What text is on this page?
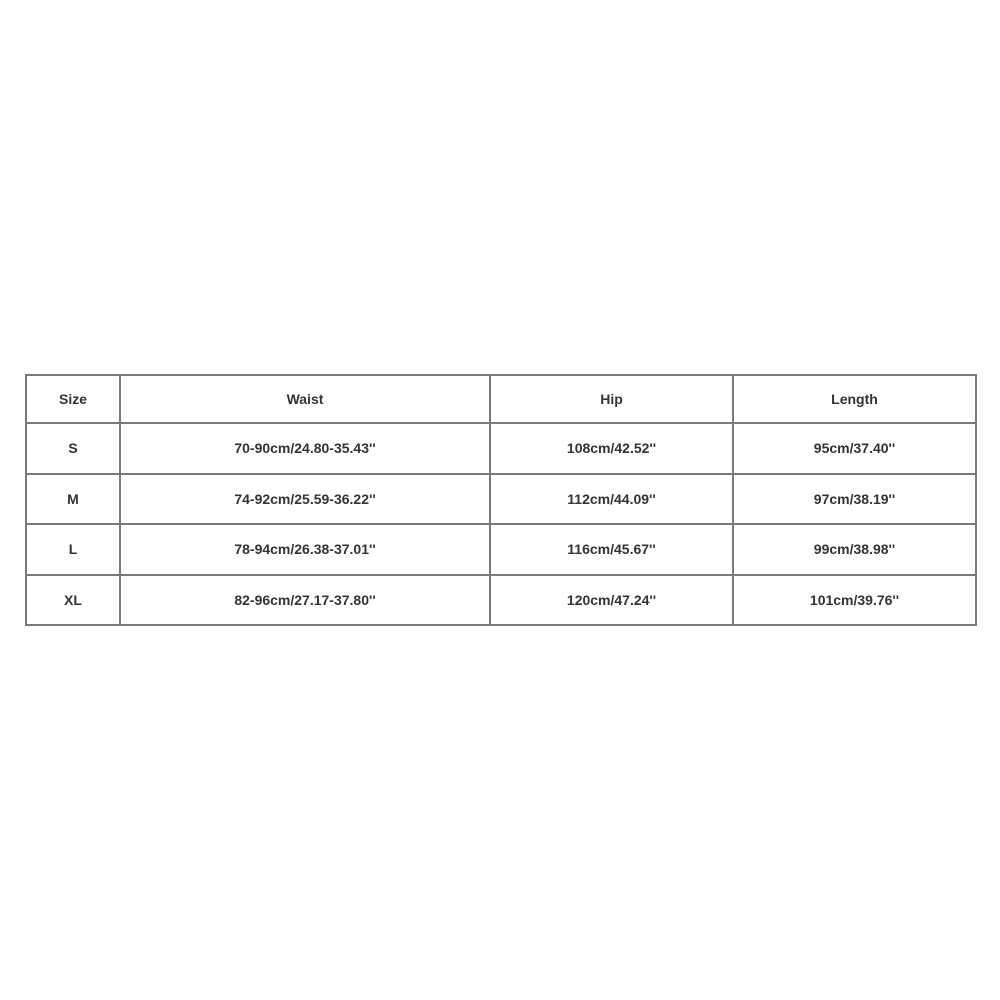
Size	Waist	Hip	Length
S	70-90cm/24.80-35.43''	108cm/42.52''	95cm/37.40''
M	74-92cm/25.59-36.22''	112cm/44.09''	97cm/38.19''
L	78-94cm/26.38-37.01''	116cm/45.67''	99cm/38.98''
XL	82-96cm/27.17-37.80''	120cm/47.24''	101cm/39.76''
